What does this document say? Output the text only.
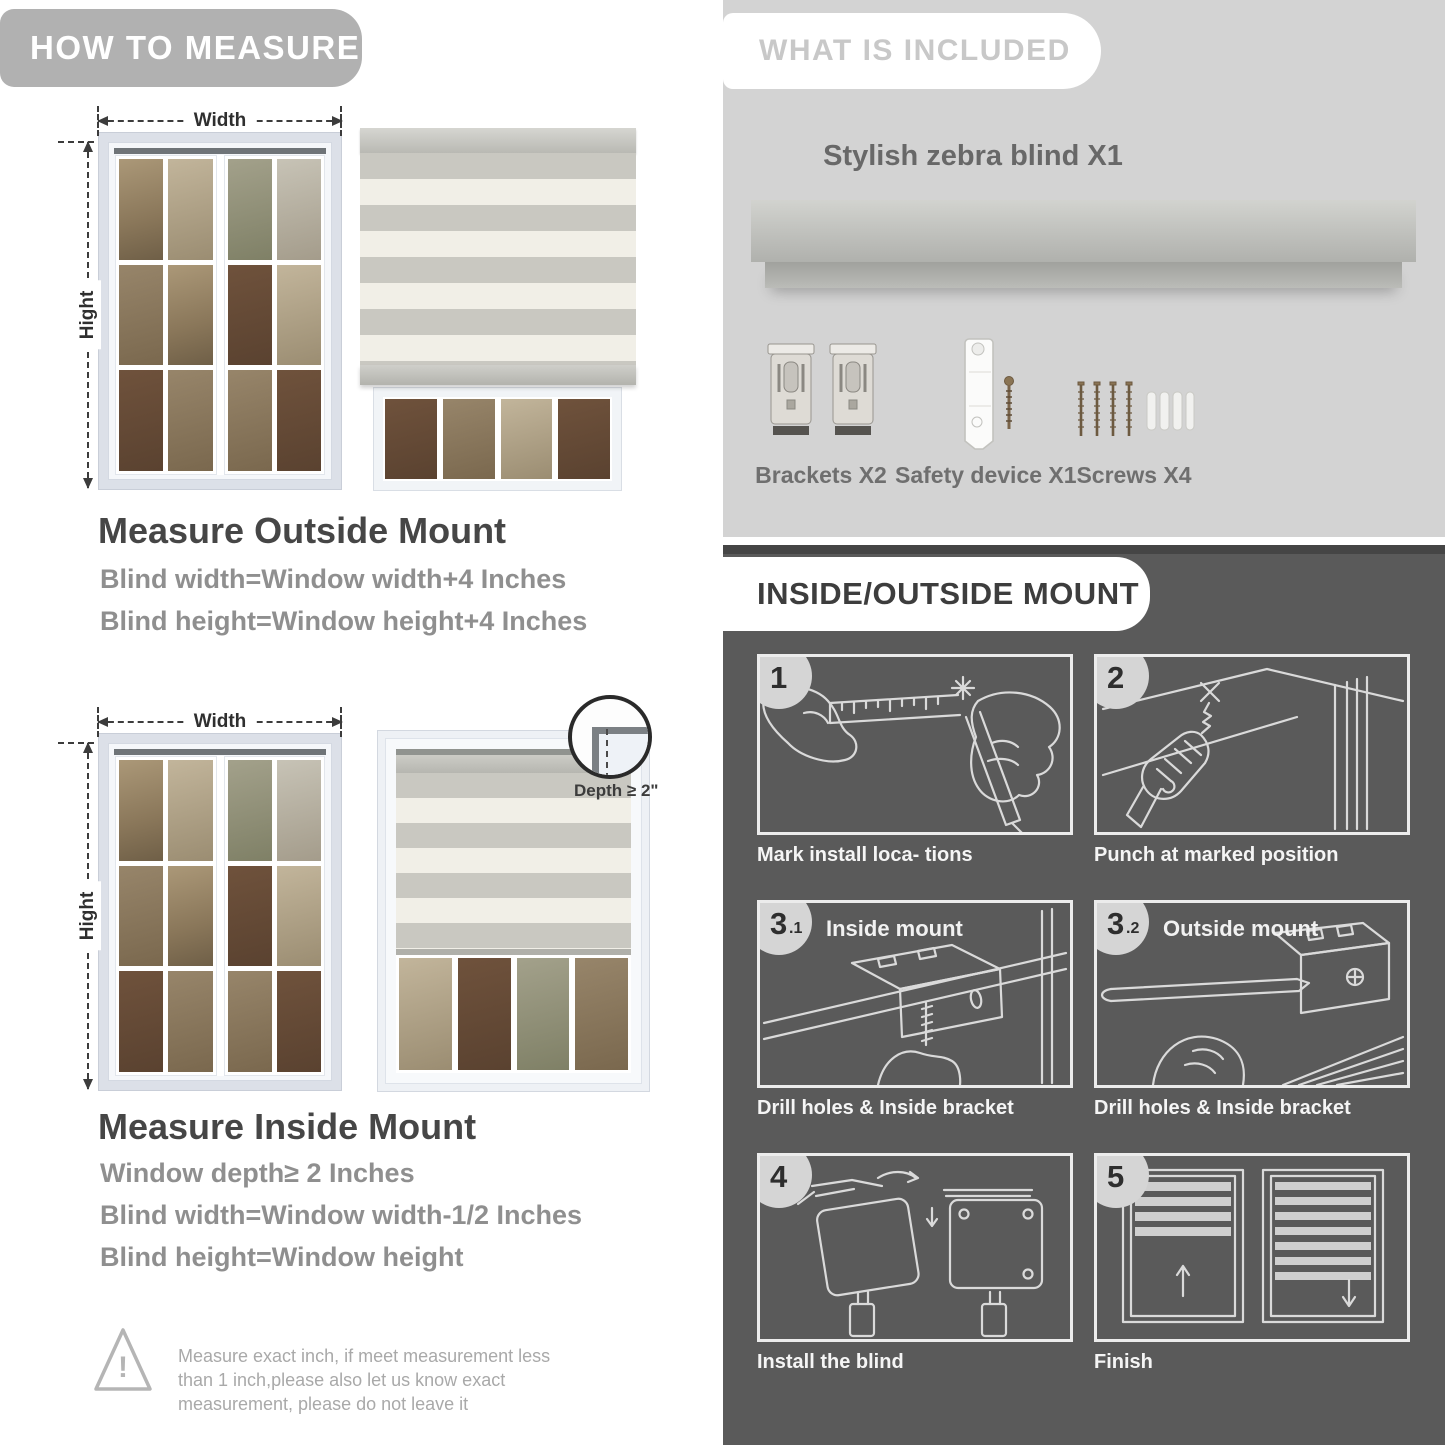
HOW TO MEASURE
Width
Hight
Measure Outside Mount

Blind width=Window width+4 Inches

Blind height=Window height+4 Inches

Width
Hight
Depth ≥ 2"
Measure Inside Mount

Window depth≥ 2 Inches

Blind width=Window width-1/2 Inches

Blind height=Window height

!	Measure exact inch, if meet measurement less than 1 inch,please also let us know exact measurement, please do not leave it

WHAT IS INCLUDED
Stylish zebra blind X1
Brackets X2 Safety device X1 Screws X4
INSIDE/OUTSIDE MOUNT
1
Mark install loca- tions
2
Punch at marked position
3 .1 Inside mount
Drill holes & Inside bracket
3 .2 Outside mount
Drill holes & Inside bracket
4
Install the blind
5
Finish
